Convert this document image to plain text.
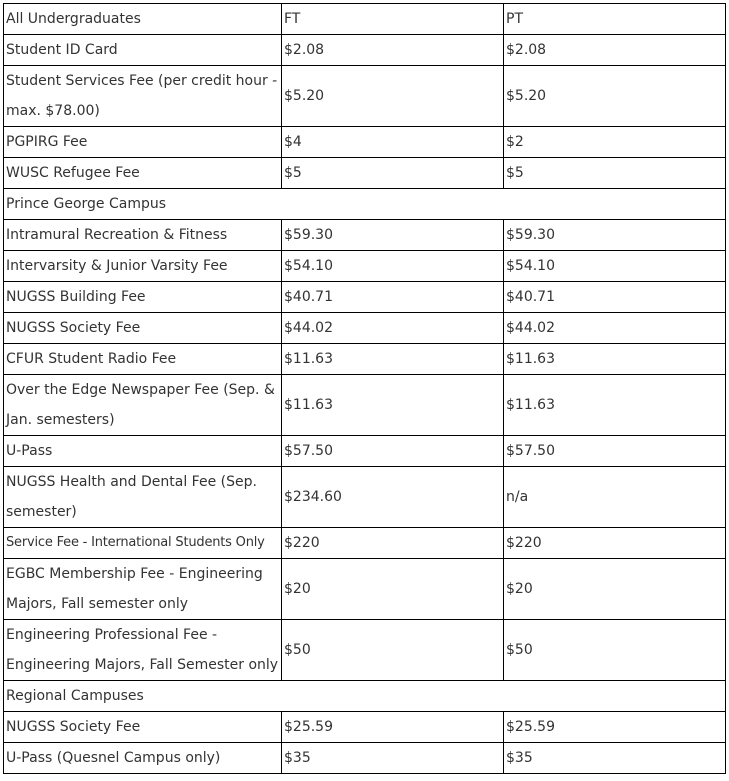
All Undergraduates	FT	PT
Student ID Card	$2.08	$2.08
Student Services Fee (per credit hour - max. $78.00)	$5.20	$5.20
PGPIRG Fee	$4	$2
WUSC Refugee Fee	$5	$5
Prince George Campus		
Intramural Recreation & Fitness	$59.30	$59.30
Intervarsity & Junior Varsity Fee	$54.10	$54.10
NUGSS Building Fee	$40.71	$40.71
NUGSS Society Fee	$44.02	$44.02
CFUR Student Radio Fee	$11.63	$11.63
Over the Edge Newspaper Fee (Sep. & Jan. semesters)	$11.63	$11.63
U-Pass	$57.50	$57.50
NUGSS Health and Dental Fee (Sep. semester)	$234.60	n/a
Service Fee - International Students Only	$220	$220
EGBC Membership Fee - Engineering Majors, Fall semester only	$20	$20
Engineering Professional Fee - Engineering Majors, Fall Semester only	$50	$50
Regional Campuses		
NUGSS Society Fee	$25.59	$25.59
U-Pass (Quesnel Campus only)	$35	$35
